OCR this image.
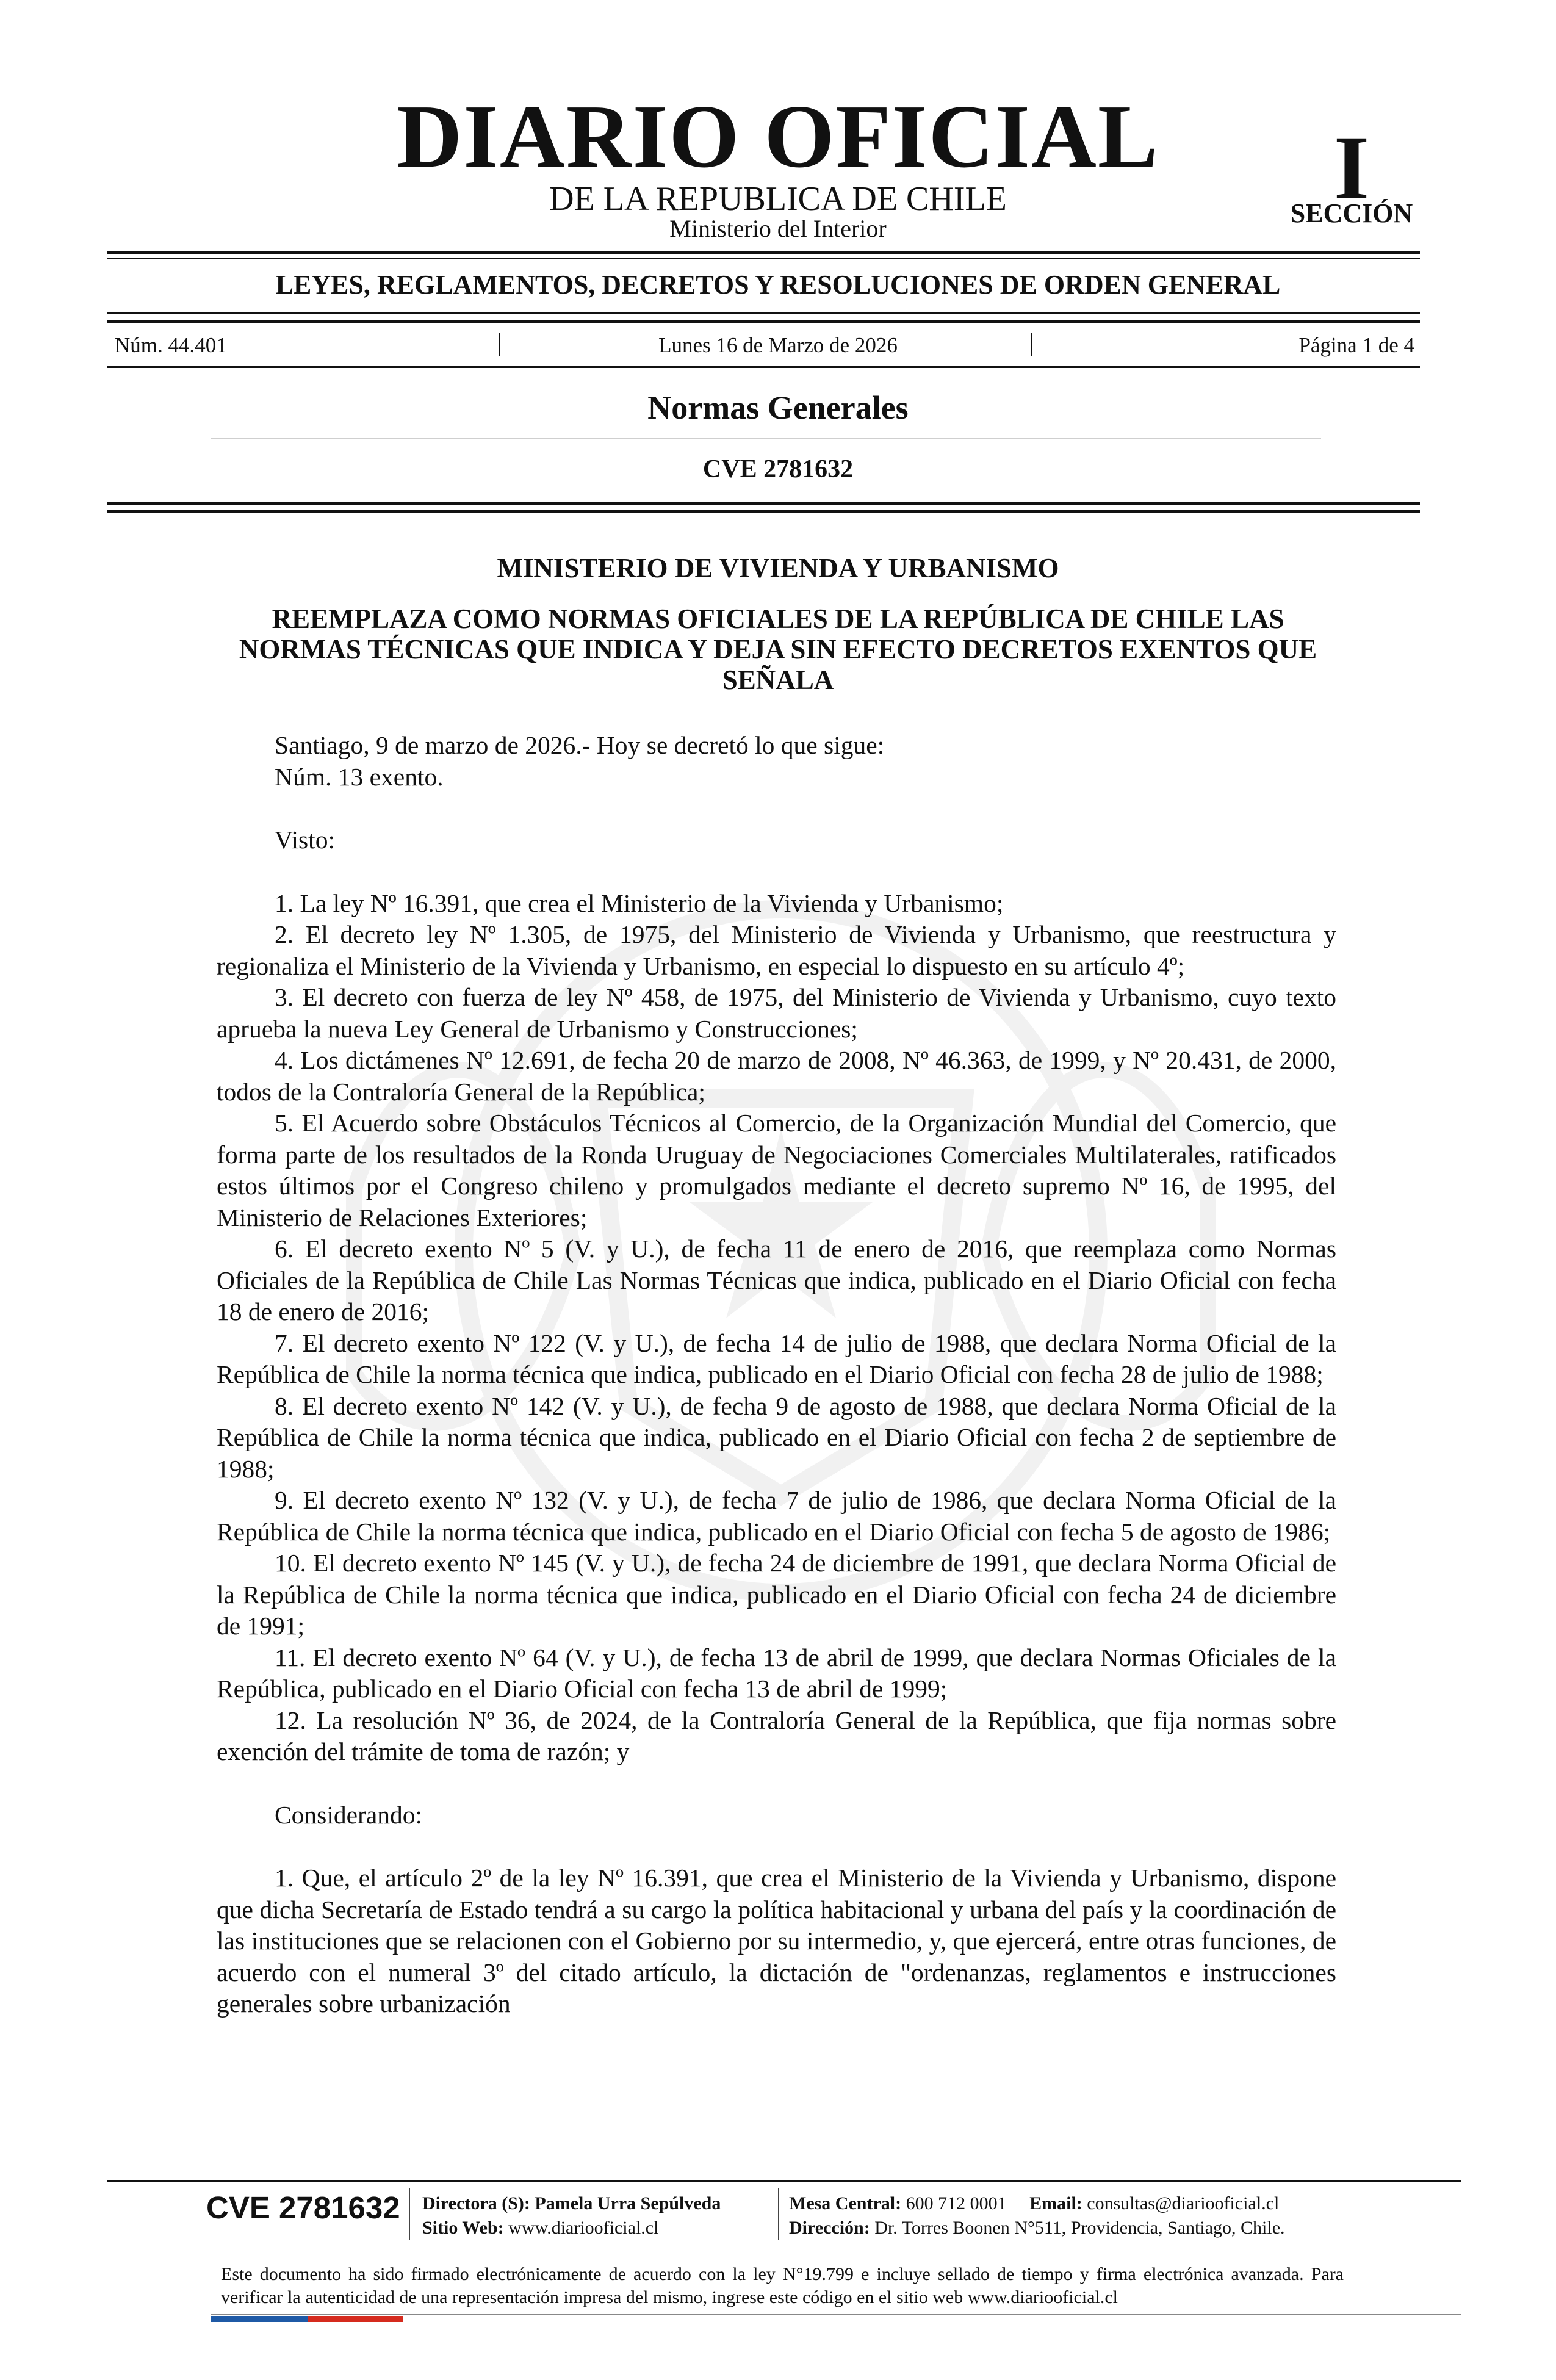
DIARIO OFICIAL
DE LA REPUBLICA DE CHILE
Ministerio del Interior
I
SECCIÓN
LEYES, REGLAMENTOS, DECRETOS Y RESOLUCIONES DE ORDEN GENERAL
Núm. 44.401	Lunes 16 de Marzo de 2026	Página 1 de 4
Normas Generales
CVE 2781632
MINISTERIO DE VIVIENDA Y URBANISMO
REEMPLAZA COMO NORMAS OFICIALES DE LA REPÚBLICA DE CHILE LAS NORMAS TÉCNICAS QUE INDICA Y DEJA SIN EFECTO DECRETOS EXENTOS QUE SEÑALA

Santiago, 9 de marzo de 2026.- Hoy se decretó lo que sigue:

Núm. 13 exento.

Visto:

1. La ley Nº 16.391, que crea el Ministerio de la Vivienda y Urbanismo;

2. El decreto ley Nº 1.305, de 1975, del Ministerio de Vivienda y Urbanismo, que reestructura y regionaliza el Ministerio de la Vivienda y Urbanismo, en especial lo dispuesto en su artículo 4º;

3. El decreto con fuerza de ley Nº 458, de 1975, del Ministerio de Vivienda y Urbanismo, cuyo texto aprueba la nueva Ley General de Urbanismo y Construcciones;

4. Los dictámenes Nº 12.691, de fecha 20 de marzo de 2008, Nº 46.363, de 1999, y Nº 20.431, de 2000, todos de la Contraloría General de la República;

5. El Acuerdo sobre Obstáculos Técnicos al Comercio, de la Organización Mundial del Comercio, que forma parte de los resultados de la Ronda Uruguay de Negociaciones Comerciales Multilaterales, ratificados estos últimos por el Congreso chileno y promulgados mediante el decreto supremo Nº 16, de 1995, del Ministerio de Relaciones Exteriores;

6. El decreto exento Nº 5 (V. y U.), de fecha 11 de enero de 2016, que reemplaza como Normas Oficiales de la República de Chile Las Normas Técnicas que indica, publicado en el Diario Oficial con fecha 18 de enero de 2016;

7. El decreto exento Nº 122 (V. y U.), de fecha 14 de julio de 1988, que declara Norma Oficial de la República de Chile la norma técnica que indica, publicado en el Diario Oficial con fecha 28 de julio de 1988;

8. El decreto exento Nº 142 (V. y U.), de fecha 9 de agosto de 1988, que declara Norma Oficial de la República de Chile la norma técnica que indica, publicado en el Diario Oficial con fecha 2 de septiembre de 1988;

9. El decreto exento Nº 132 (V. y U.), de fecha 7 de julio de 1986, que declara Norma Oficial de la República de Chile la norma técnica que indica, publicado en el Diario Oficial con fecha 5 de agosto de 1986;

10. El decreto exento Nº 145 (V. y U.), de fecha 24 de diciembre de 1991, que declara Norma Oficial de la República de Chile la norma técnica que indica, publicado en el Diario Oficial con fecha 24 de diciembre de 1991;

11. El decreto exento Nº 64 (V. y U.), de fecha 13 de abril de 1999, que declara Normas Oficiales de la República, publicado en el Diario Oficial con fecha 13 de abril de 1999;

12. La resolución Nº 36, de 2024, de la Contraloría General de la República, que fija normas sobre exención del trámite de toma de razón; y

Considerando:

1. Que, el artículo 2º de la ley Nº 16.391, que crea el Ministerio de la Vivienda y Urbanismo, dispone que dicha Secretaría de Estado tendrá a su cargo la política habitacional y urbana del país y la coordinación de las instituciones que se relacionen con el Gobierno por su intermedio, y, que ejercerá, entre otras funciones, de acuerdo con el numeral 3º del citado artículo, la dictación de "ordenanzas, reglamentos e instrucciones generales sobre urbanización

CVE 2781632 Directora (S): Pamela Urra Sepúlveda
Sitio Web: www.diariooficial.cl
Mesa Central: 600 712 0001 Email: consultas@diariooficial.cl
Dirección: Dr. Torres Boonen N°511, Providencia, Santiago, Chile.
Este documento ha sido firmado electrónicamente de acuerdo con la ley N°19.799 e incluye sellado de tiempo y firma electrónica avanzada. Para verificar la autenticidad de una representación impresa del mismo, ingrese este código en el sitio web www.diariooficial.cl
